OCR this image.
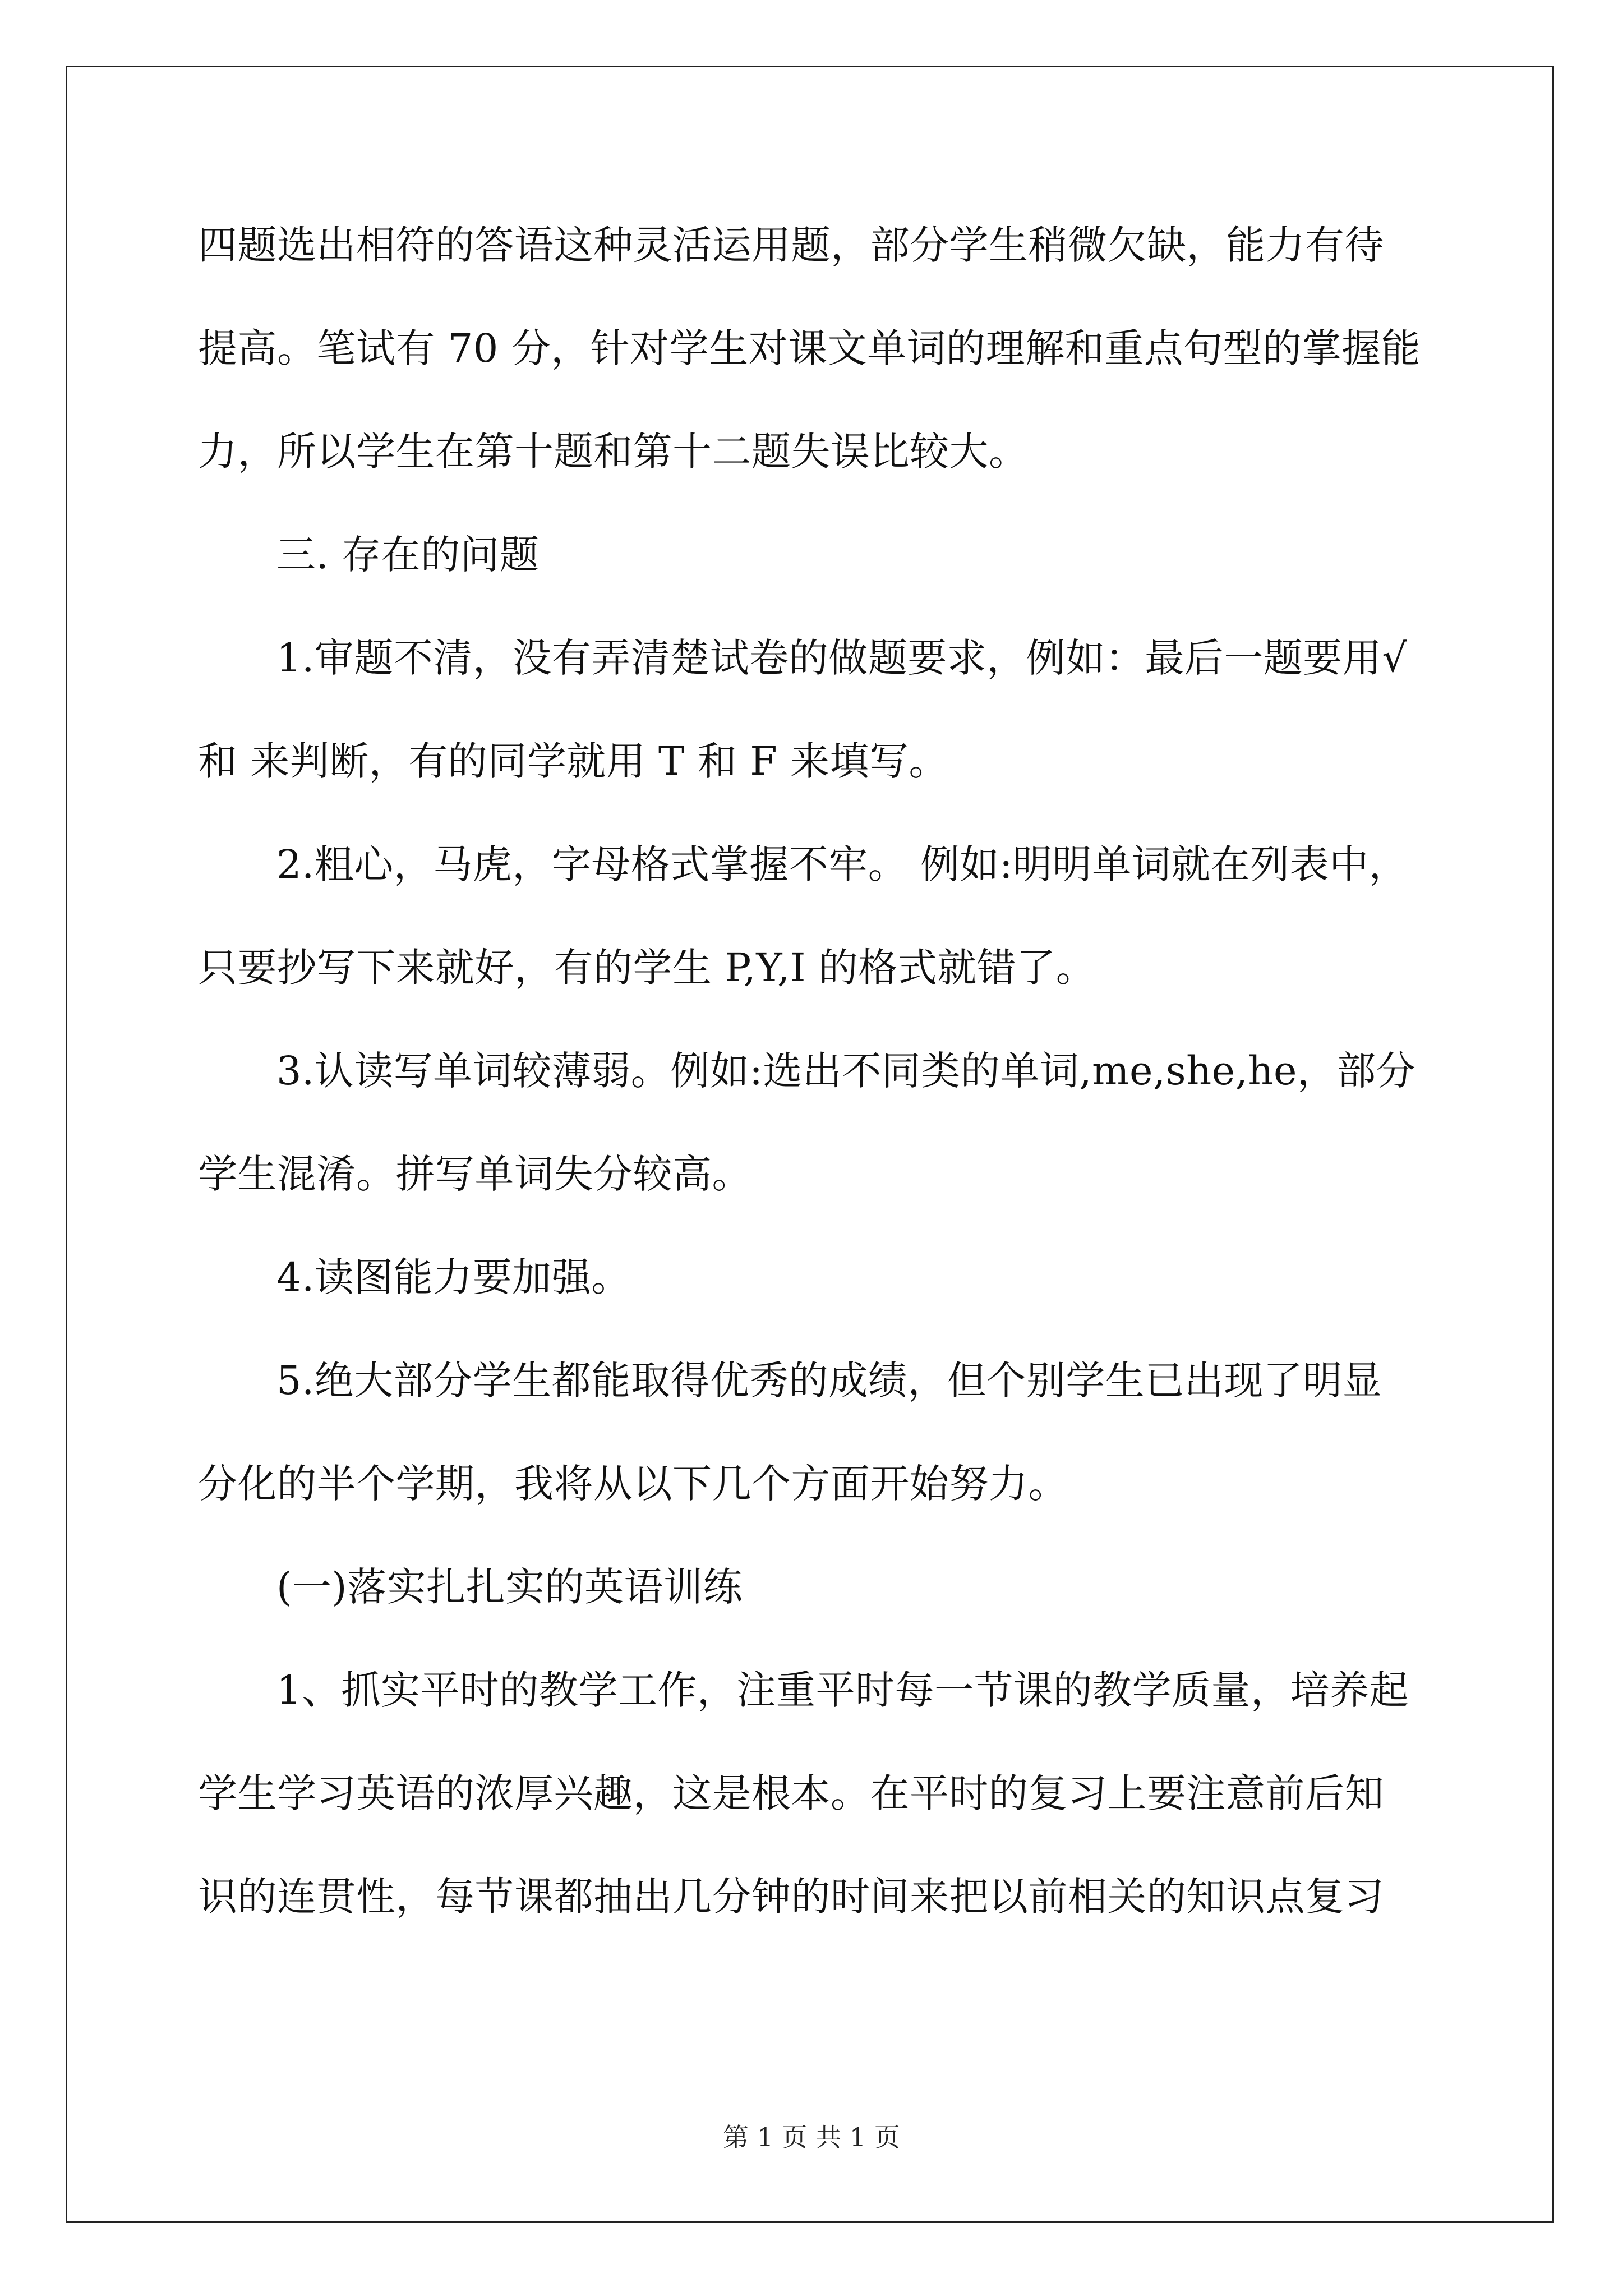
四题选出相符的答语这种灵活运用题，部分学生稍微欠缺，能力有待
提高。笔试有 70 分，针对学生对课文单词的理解和重点句型的掌握能
力，所以学生在第十题和第十二题失误比较大。
三. 存在的问题
1.审题不清，没有弄清楚试卷的做题要求，例如：最后一题要用√
和 来判断，有的同学就用 T 和 F 来填写。
2.粗心，马虎，字母格式掌握不牢。 例如:明明单词就在列表中，
只要抄写下来就好，有的学生 P,Y,I 的格式就错了。
3.认读写单词较薄弱。例如:选出不同类的单词,me,she,he，部分
学生混淆。拼写单词失分较高。
4.读图能力要加强。
5.绝大部分学生都能取得优秀的成绩，但个别学生已出现了明显
分化的半个学期，我将从以下几个方面开始努力。
(一)落实扎扎实的英语训练
1、抓实平时的教学工作，注重平时每一节课的教学质量，培养起
学生学习英语的浓厚兴趣，这是根本。在平时的复习上要注意前后知
识的连贯性，每节课都抽出几分钟的时间来把以前相关的知识点复习
第 1 页 共 1 页
